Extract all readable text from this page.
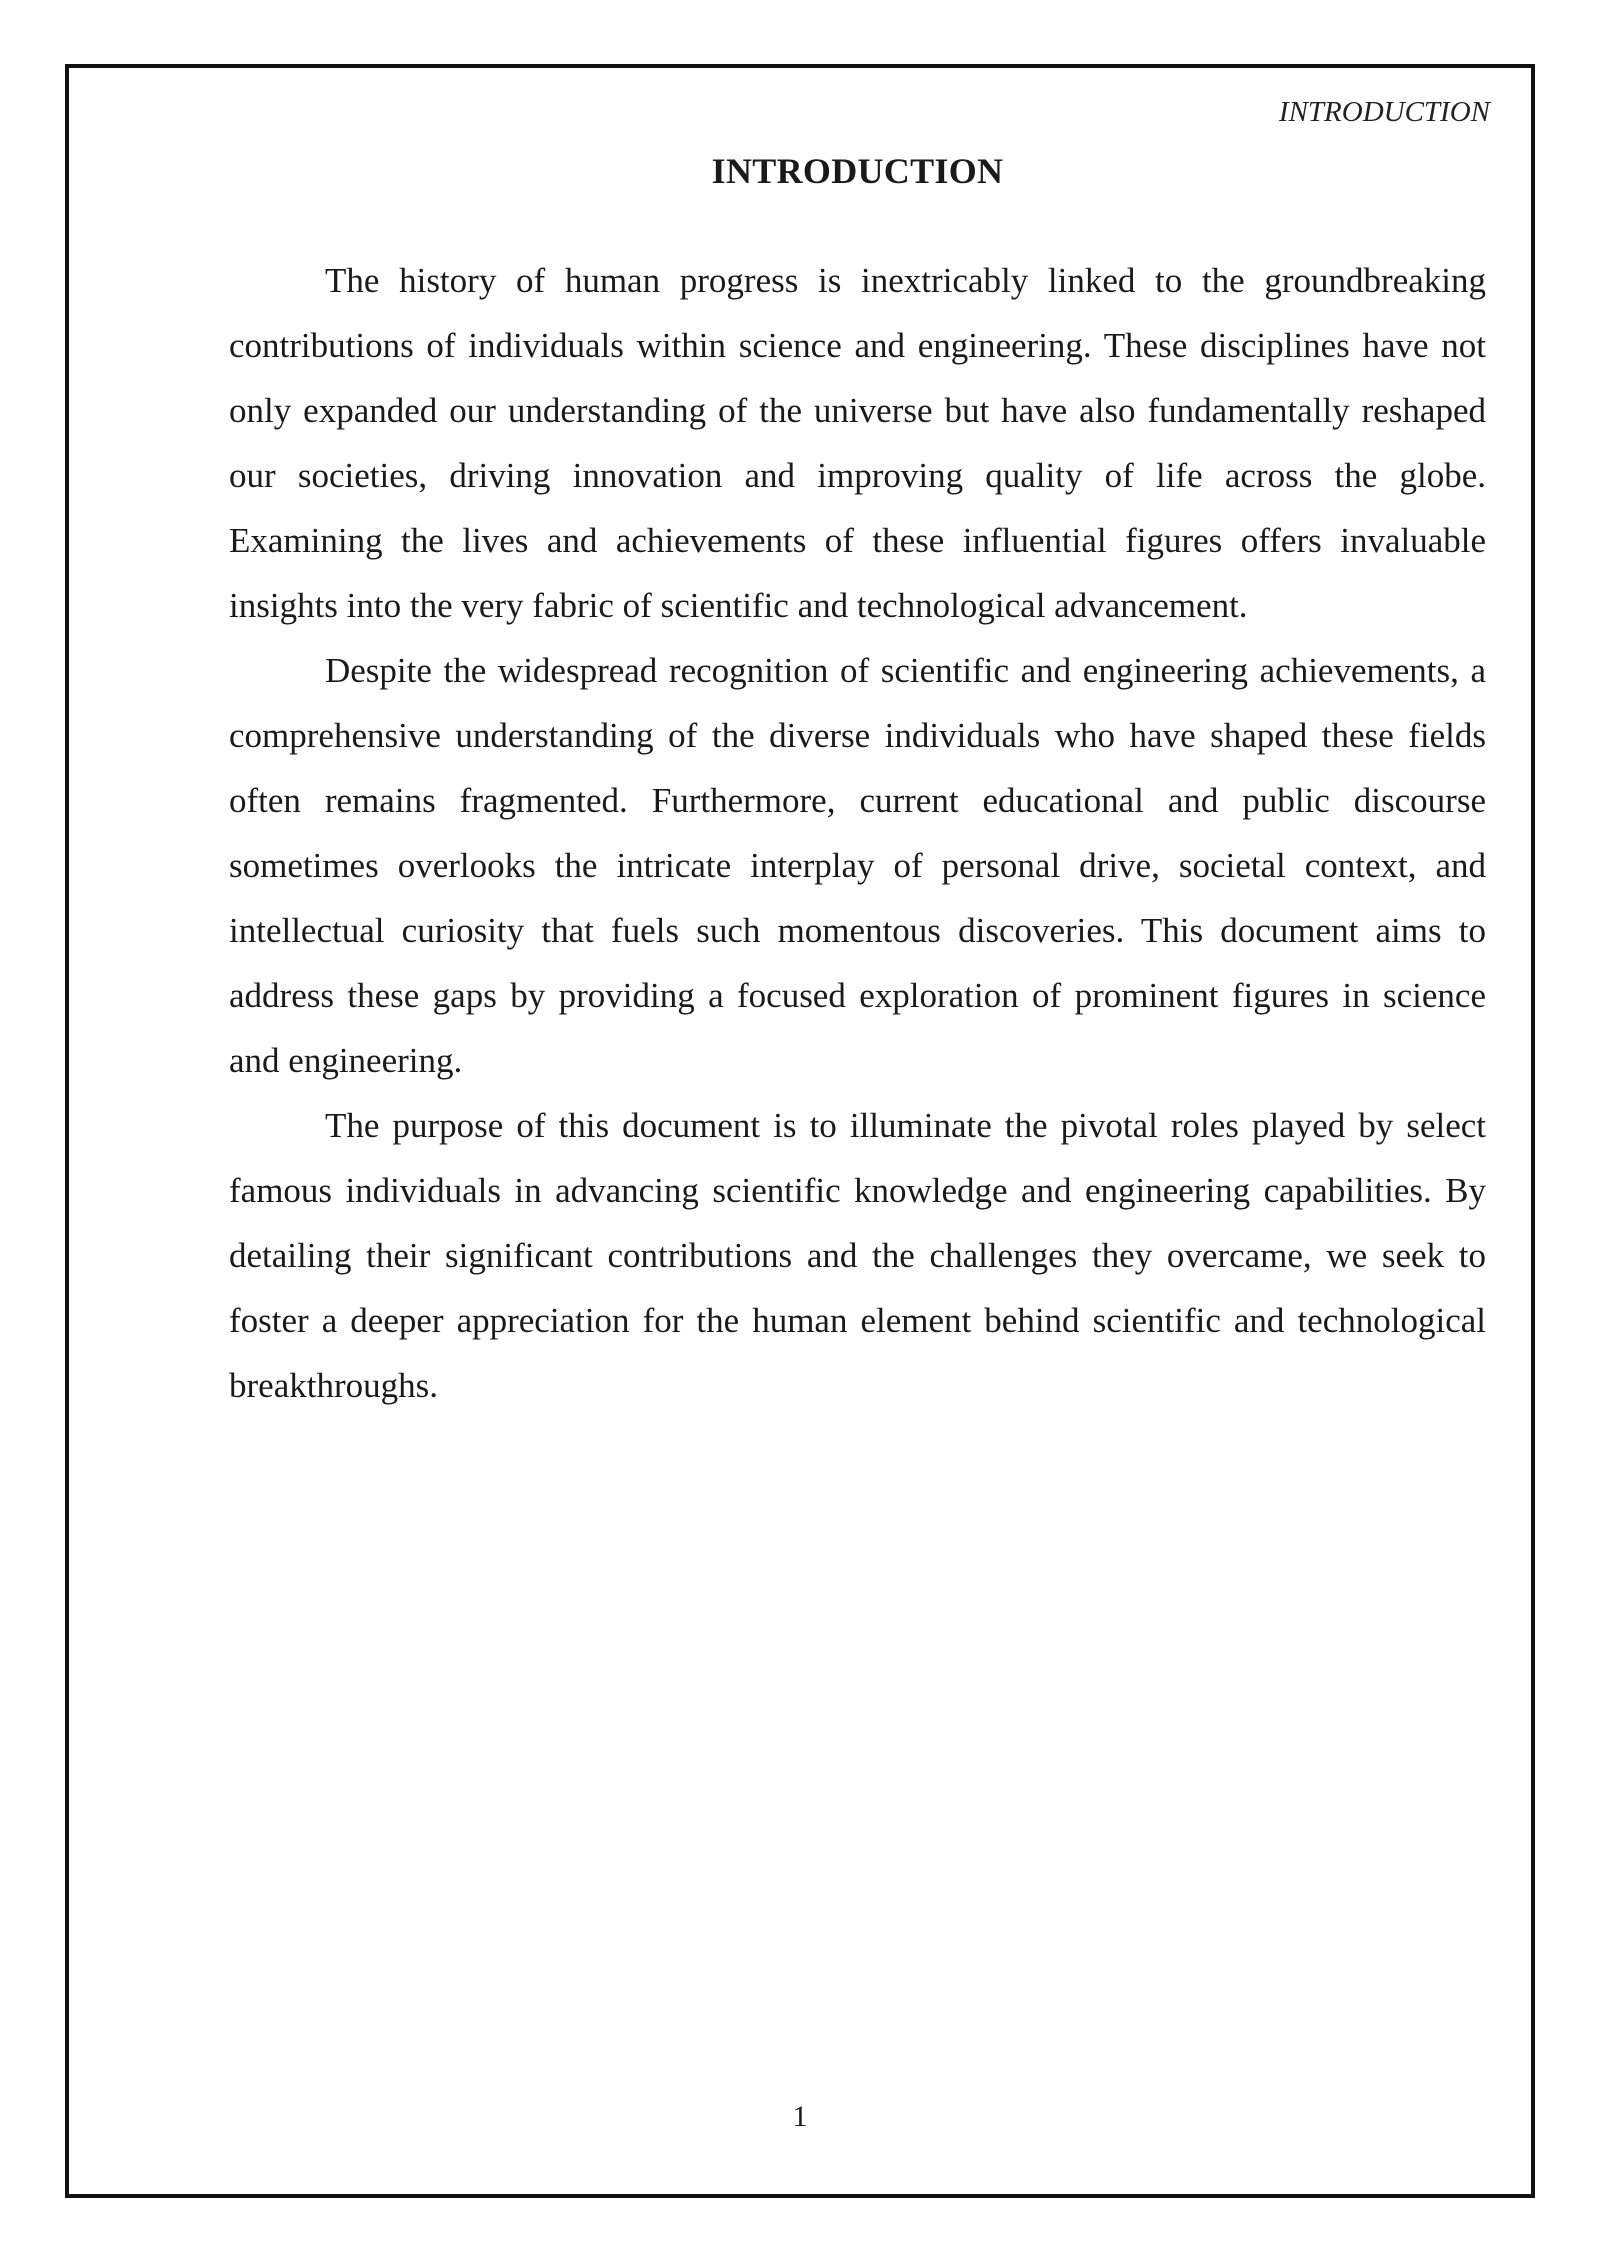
INTRODUCTION
INTRODUCTION

The history of human progress is inextricably linked to the groundbreaking contributions of individuals within science and engineering. These disciplines have not only expanded our understanding of the universe but have also fundamentally reshaped our societies, driving innovation and improving quality of life across the globe. Examining the lives and achievements of these influential figures offers invaluable insights into the very fabric of scientific and technological advancement.

Despite the widespread recognition of scientific and engineering achievements, a comprehensive understanding of the diverse individuals who have shaped these fields often remains fragmented. Furthermore, current educational and public discourse sometimes overlooks the intricate interplay of personal drive, societal context, and intellectual curiosity that fuels such momentous discoveries. This document aims to address these gaps by providing a focused exploration of prominent figures in science and engineering.

The purpose of this document is to illuminate the pivotal roles played by select famous individuals in advancing scientific knowledge and engineering capabilities. By detailing their significant contributions and the challenges they overcame, we seek to foster a deeper appreciation for the human element behind scientific and technological breakthroughs.

1
